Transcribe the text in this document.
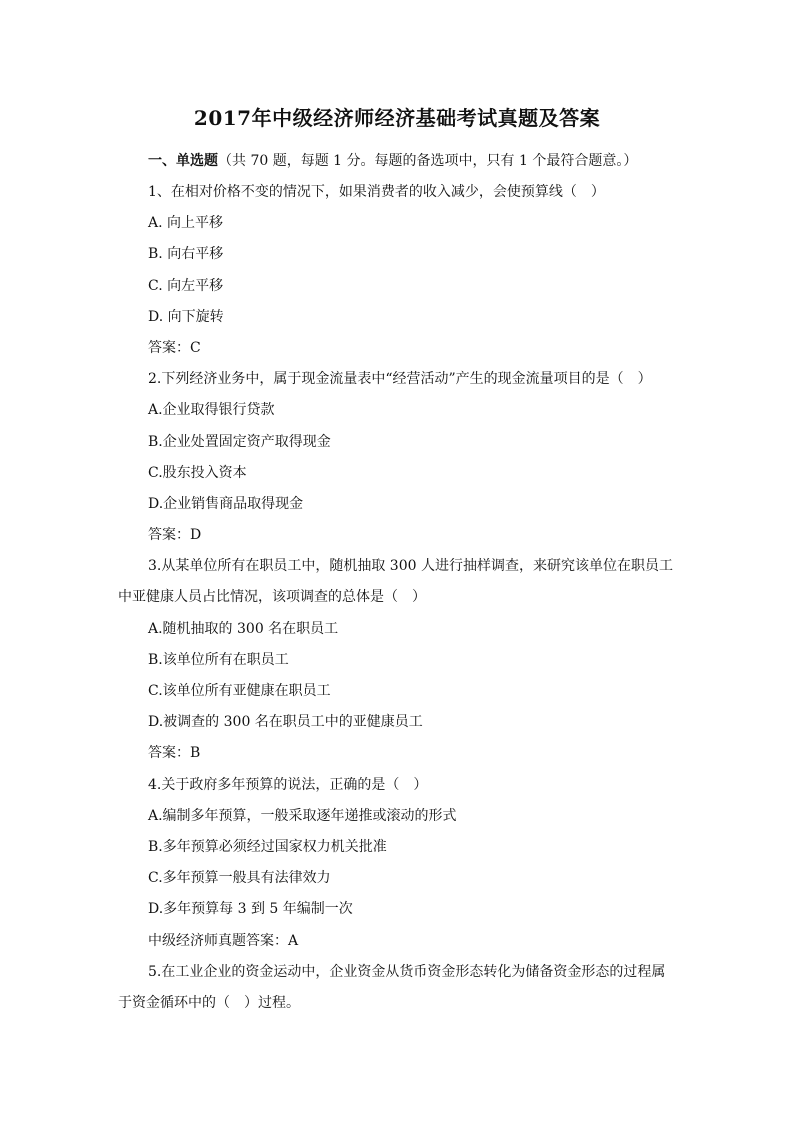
2017年中级经济师经济基础考试真题及答案
一、单选题（共 70 题，每题 1 分。每题的备选项中，只有 1 个最符合题意。）
1、在相对价格不变的情况下，如果消费者的收入减少，会使预算线（　）
A. 向上平移
B. 向右平移
C. 向左平移
D. 向下旋转
答案：C
2.下列经济业务中，属于现金流量表中“经营活动”产生的现金流量项目的是（　）
A.企业取得银行贷款
B.企业处置固定资产取得现金
C.股东投入资本
D.企业销售商品取得现金
答案：D
3.从某单位所有在职员工中，随机抽取 300 人进行抽样调查，来研究该单位在职员工
中亚健康人员占比情况，该项调查的总体是（　）
A.随机抽取的 300 名在职员工
B.该单位所有在职员工
C.该单位所有亚健康在职员工
D.被调查的 300 名在职员工中的亚健康员工
答案：B
4.关于政府多年预算的说法，正确的是（　）
A.编制多年预算，一般采取逐年递推或滚动的形式
B.多年预算必须经过国家权力机关批准
C.多年预算一般具有法律效力
D.多年预算每 3 到 5 年编制一次
中级经济师真题答案：A
5.在工业企业的资金运动中，企业资金从货币资金形态转化为储备资金形态的过程属
于资金循环中的（　）过程。
